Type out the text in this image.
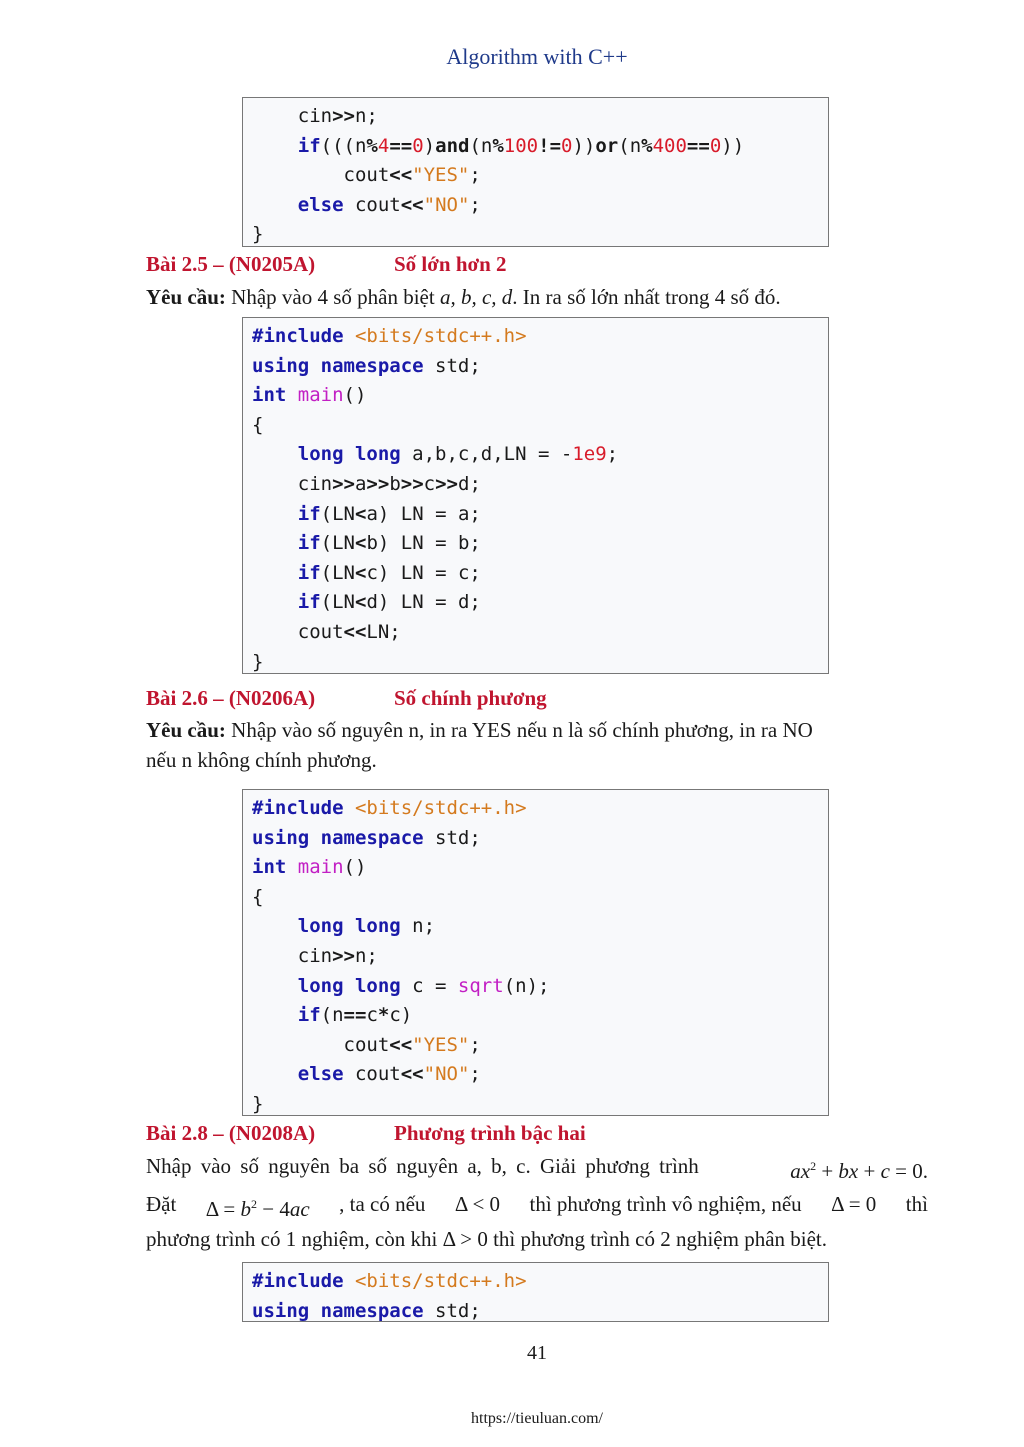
Algorithm with C++
cin>>n;
if(((n%4==0)and(n%100!=0))or(n%400==0))
cout<<"YES";
else cout<<"NO";
}
Bài 2.5 – (N0205A)	Số lớn hơn 2
Yêu cầu: Nhập vào 4 số phân biệt a, b, c, d. In ra số lớn nhất trong 4 số đó.
#include <bits/stdc++.h>
using namespace std;
int main()
{
long long a,b,c,d,LN = -1e9;
cin>>a>>b>>c>>d;
if(LN<a) LN = a;
if(LN<b) LN = b;
if(LN<c) LN = c;
if(LN<d) LN = d;
cout<<LN;
}
Bài 2.6 – (N0206A)	Số chính phương
Yêu cầu: Nhập vào số nguyên n, in ra YES nếu n là số chính phương, in ra NO
nếu n không chính phương.
#include <bits/stdc++.h>
using namespace std;
int main()
{
long long n;
cin>>n;
long long c = sqrt(n);
if(n==c*c)
cout<<"YES";
else cout<<"NO";
}
Bài 2.8 – (N0208A)	Phương trình bậc hai
Nhập vào số nguyên ba số nguyên a, b, c. Giải phương trình	$ax^2$ + bx + c = 0.
Đặt $\Delta = b^2 - 4ac$ , ta có nếu Δ < 0 thì phương trình vô nghiệm, nếu Δ = 0 thì
phương trình có 1 nghiệm, còn khi Δ > 0 thì phương trình có 2 nghiệm phân biệt.
#include <bits/stdc++.h>
using namespace std;
41
https://tieuluan.com/
